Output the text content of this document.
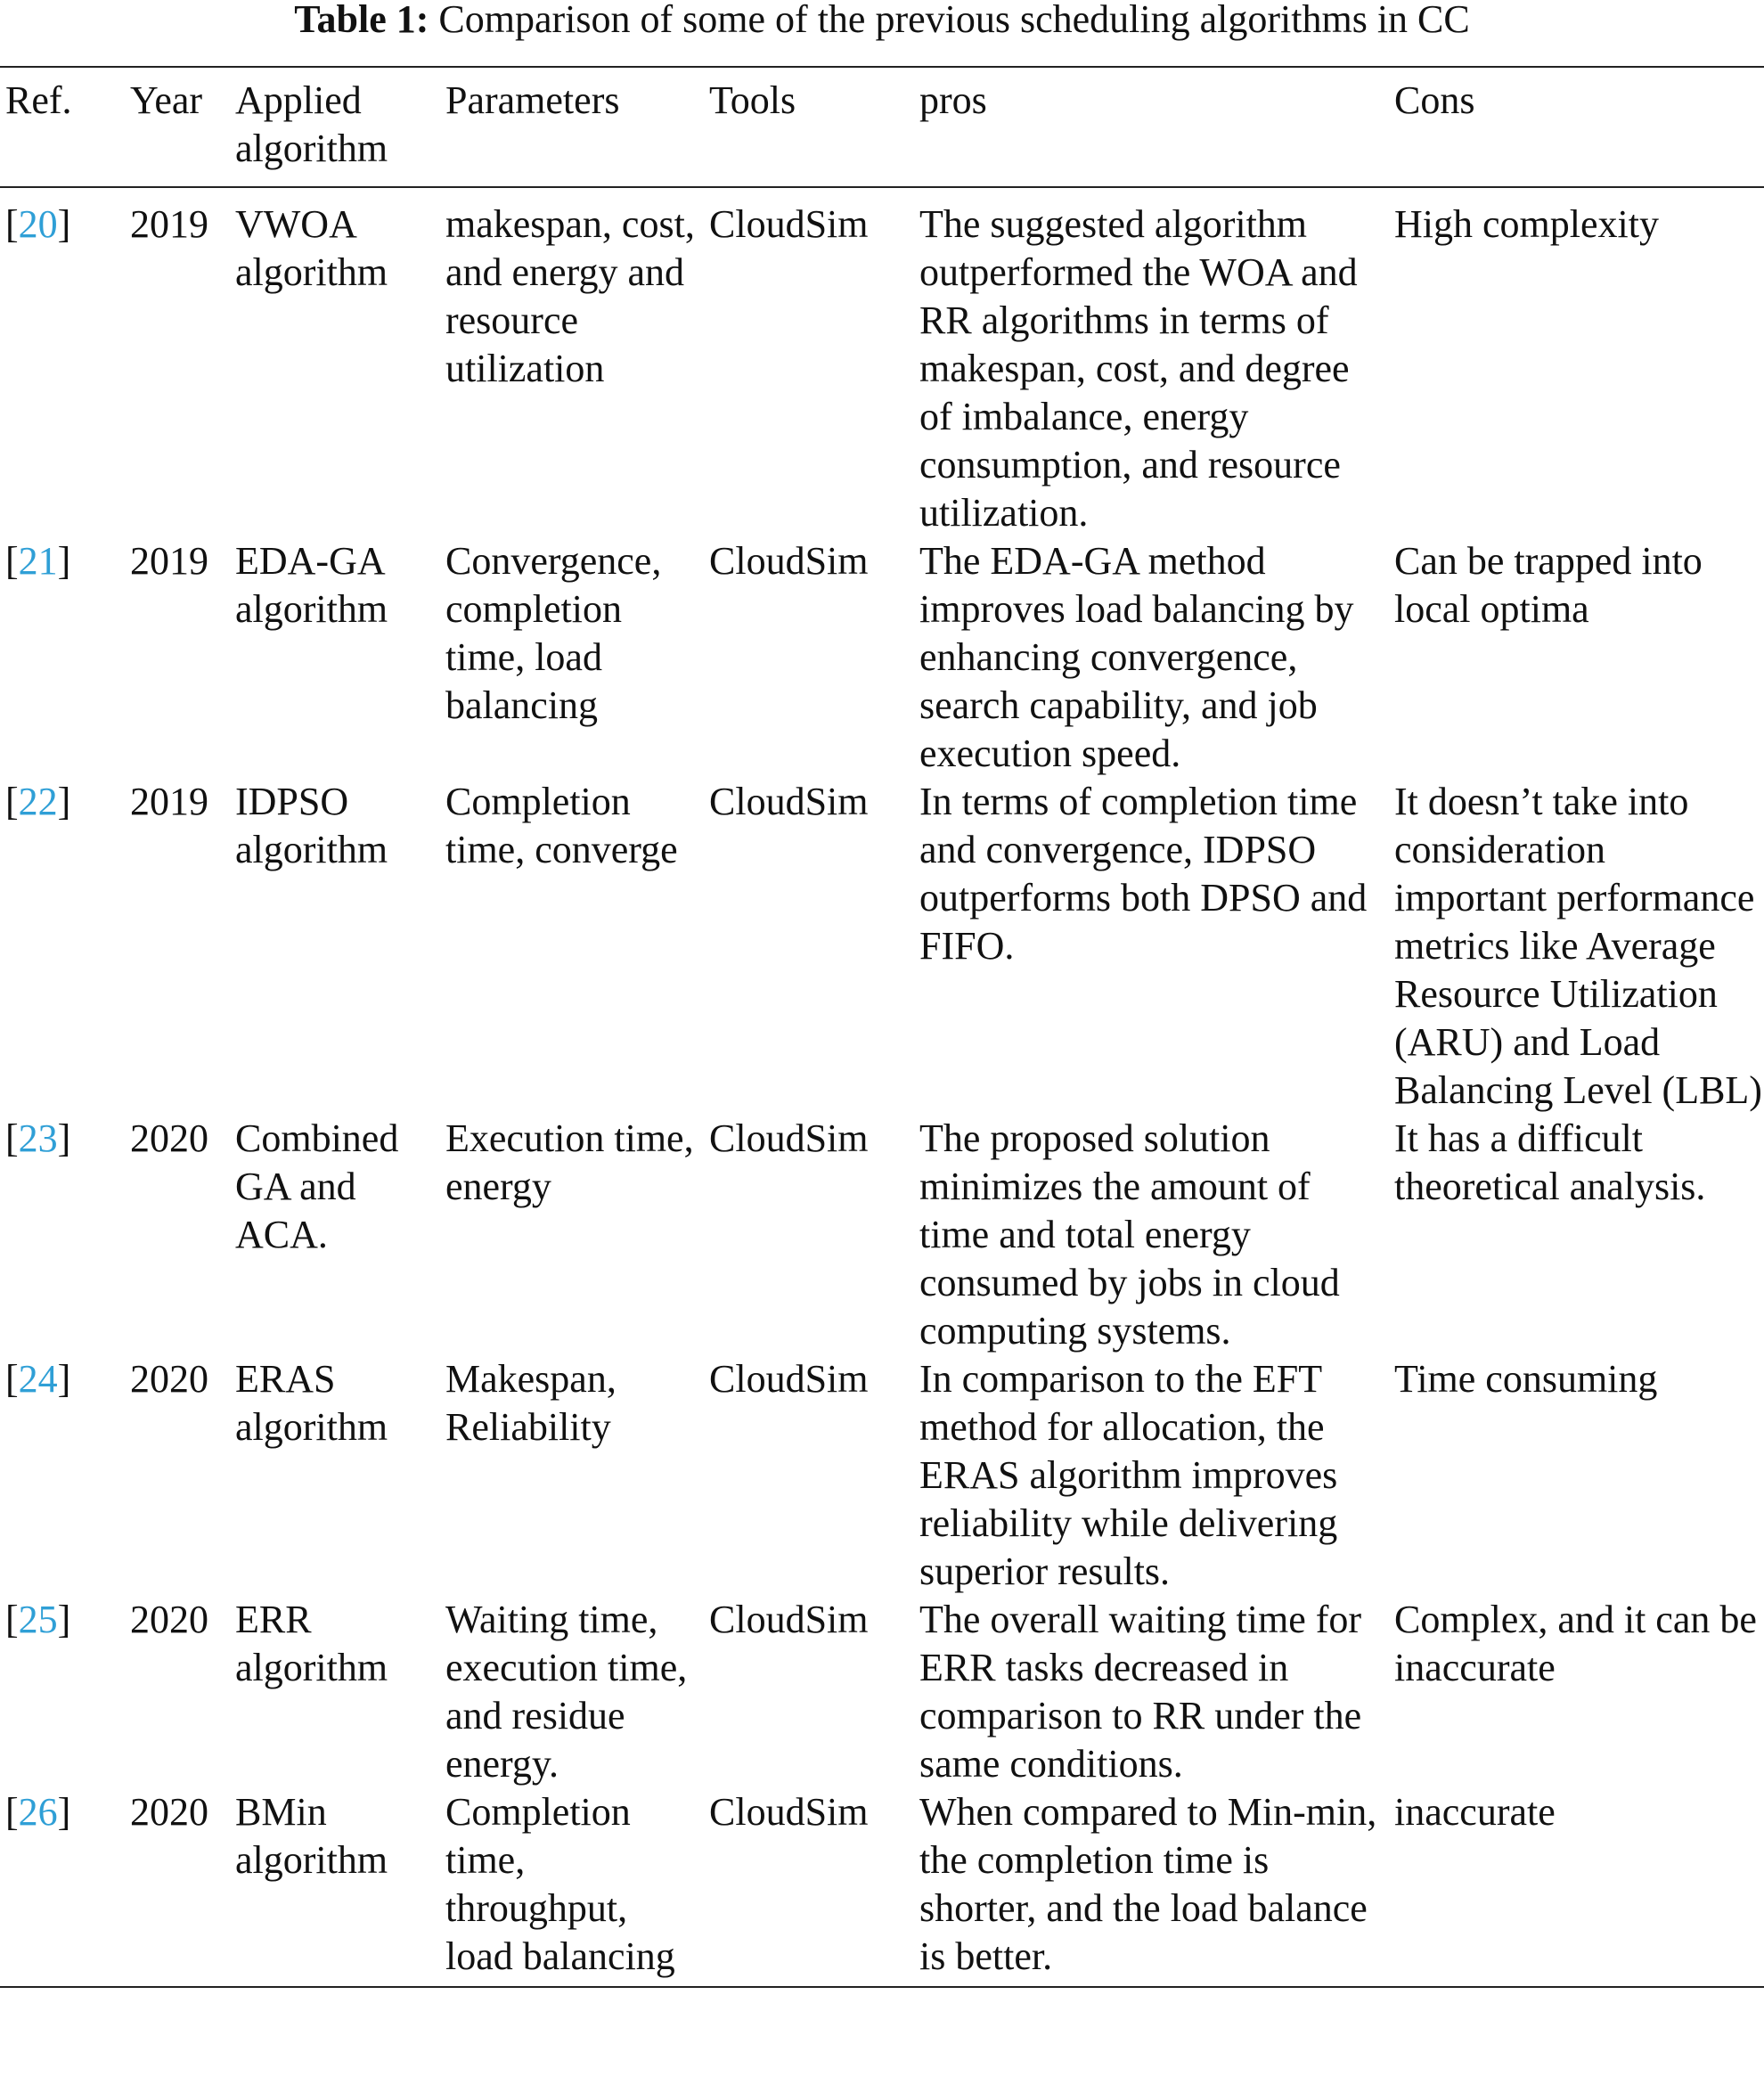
Table 1: Comparison of some of the previous scheduling algorithms in CC
Ref.	Year	Applied algorithm	Parameters	Tools	pros	Cons
[20]	2019	VWOA algorithm	makespan, cost, and energy and resource utilization	CloudSim	The suggested algorithm outperformed the WOA and RR algorithms in terms of makespan, cost, and degree of imbalance, energy consumption, and resource utilization.	High complexity
[21]	2019	EDA-GA algorithm	Convergence, completion time, load balancing	CloudSim	The EDA-GA method improves load balancing by enhancing convergence, search capability, and job execution speed.	Can be trapped into local optima
[22]	2019	IDPSO algorithm	Completion time, converge	CloudSim	In terms of completion time and convergence, IDPSO outperforms both DPSO and FIFO.	It doesn’t take into consideration important performance metrics like Average Resource Utilization (ARU) and Load Balancing Level (LBL)
[23]	2020	Combined GA and ACA.	Execution time, energy	CloudSim	The proposed solution minimizes the amount of time and total energy consumed by jobs in cloud computing systems.	It has a difficult theoretical analysis.
[24]	2020	ERAS algorithm	Makespan, Reliability	CloudSim	In comparison to the EFT method for allocation, the ERAS algorithm improves reliability while delivering superior results.	Time consuming
[25]	2020	ERR algorithm	Waiting time, execution time, and residue energy.	CloudSim	The overall waiting time for ERR tasks decreased in comparison to RR under the same conditions.	Complex, and it can be inaccurate
[26]	2020	BMin algorithm	Completion time, throughput, load balancing	CloudSim	When compared to Min-min, the completion time is shorter, and the load balance is better.	inaccurate
